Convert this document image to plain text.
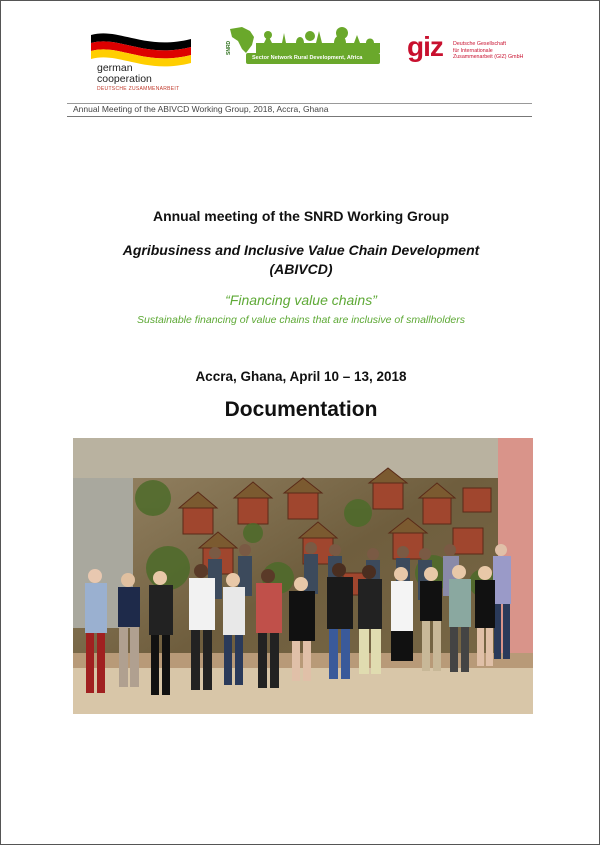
german
cooperation
DEUTSCHE ZUSAMMENARBEIT
SNRD
Sector Network Rural Development, Africa	giz Deutsche Gesellschaft
für Internationale
Zusammenarbeit (GIZ) GmbH
Annual Meeting of the ABIVCD Working Group, 2018, Accra, Ghana
Annual meeting of the SNRD Working Group
Agribusiness and Inclusive Value Chain Development
(ABIVCD)
“Financing value chains”
Sustainable financing of value chains that are inclusive of smallholders
Accra, Ghana, April 10 – 13, 2018
Documentation
